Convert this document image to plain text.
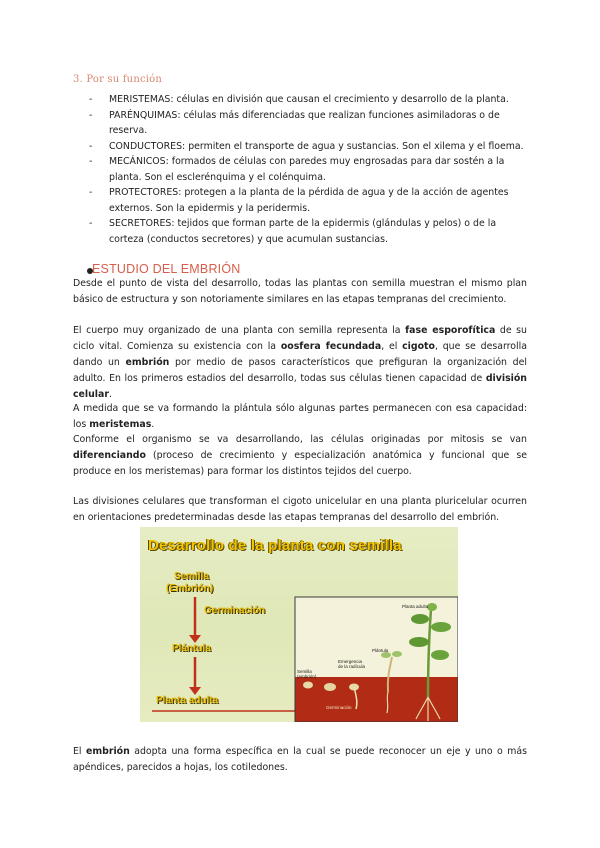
3. Por su función
- MERISTEMAS: células en división que causan el crecimiento y desarrollo de la planta.
- PARÉNQUIMAS: células más diferenciadas que realizan funciones asimiladoras o de reserva.
- CONDUCTORES: permiten el transporte de agua y sustancias. Son el xilema y el floema.
- MECÁNICOS: formados de células con paredes muy engrosadas para dar sostén a la planta. Son el esclerénquima y el colénquima.
- PROTECTORES: protegen a la planta de la pérdida de agua y de la acción de agentes externos. Son la epidermis y la peridermis.
- SECRETORES: tejidos que forman parte de la epidermis (glándulas y pelos) o de la corteza (conductos secretores) y que acumulan sustancias.
ESTUDIO DEL EMBRIÓN

Desde el punto de vista del desarrollo, todas las plantas con semilla muestran el mismo plan básico de estructura y son notoriamente similares en las etapas tempranas del crecimiento.

El cuerpo muy organizado de una planta con semilla representa la fase esporofítica de su ciclo vital. Comienza su existencia con la oosfera fecundada, el cigoto, que se desarrolla dando un embrión por medio de pasos característicos que prefiguran la organización del adulto. En los primeros estadios del desarrollo, todas sus células tienen capacidad de división celular.

A medida que se va formando la plántula sólo algunas partes permanecen con esa capacidad: los meristemas.

Conforme el organismo se va desarrollando, las células originadas por mitosis se van diferenciando (proceso de crecimiento y especialización anatómica y funcional que se produce en los meristemas) para formar los distintos tejidos del cuerpo.

Las divisiones celulares que transforman el cigoto unicelular en una planta pluricelular ocurren en orientaciones predeterminadas desde las etapas tempranas del desarrollo del embrión.

Desarrollo de la planta con semilla
Semilla
(Embrión)
Germinación
Plántula
Planta adulta
Planta adulta
Plántula
Semilla (embrión)
Emergencia de la radícula
Germinación

El embrión adopta una forma específica en la cual se puede reconocer un eje y uno o más apéndices, parecidos a hojas, los cotiledones.
